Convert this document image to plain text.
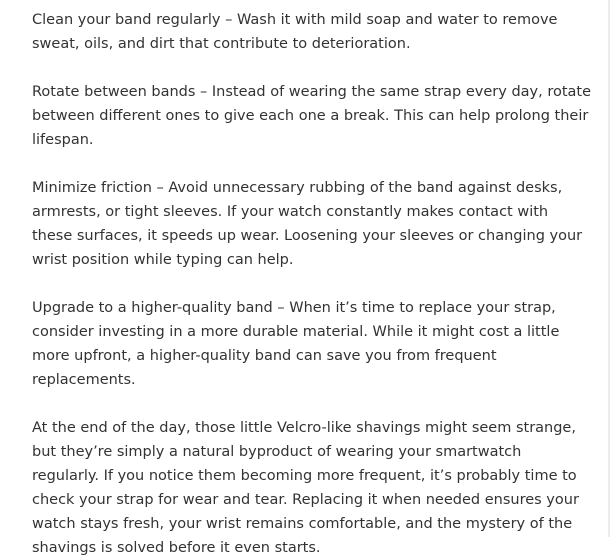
Clean your band regularly – Wash it with mild soap and water to remove sweat, oils, and dirt that contribute to deterioration.

Rotate between bands – Instead of wearing the same strap every day, rotate between different ones to give each one a break. This can help prolong their lifespan.

Minimize friction – Avoid unnecessary rubbing of the band against desks, armrests, or tight sleeves. If your watch constantly makes contact with these surfaces, it speeds up wear. Loosening your sleeves or changing your wrist position while typing can help.

Upgrade to a higher-quality band – When it’s time to replace your strap, consider investing in a more durable material. While it might cost a little more upfront, a higher-quality band can save you from frequent replacements.

At the end of the day, those little Velcro-like shavings might seem strange, but they’re simply a natural byproduct of wearing your smartwatch regularly. If you notice them becoming more frequent, it’s probably time to check your strap for wear and tear. Replacing it when needed ensures your watch stays fresh, your wrist remains comfortable, and the mystery of the shavings is solved before it even starts.
